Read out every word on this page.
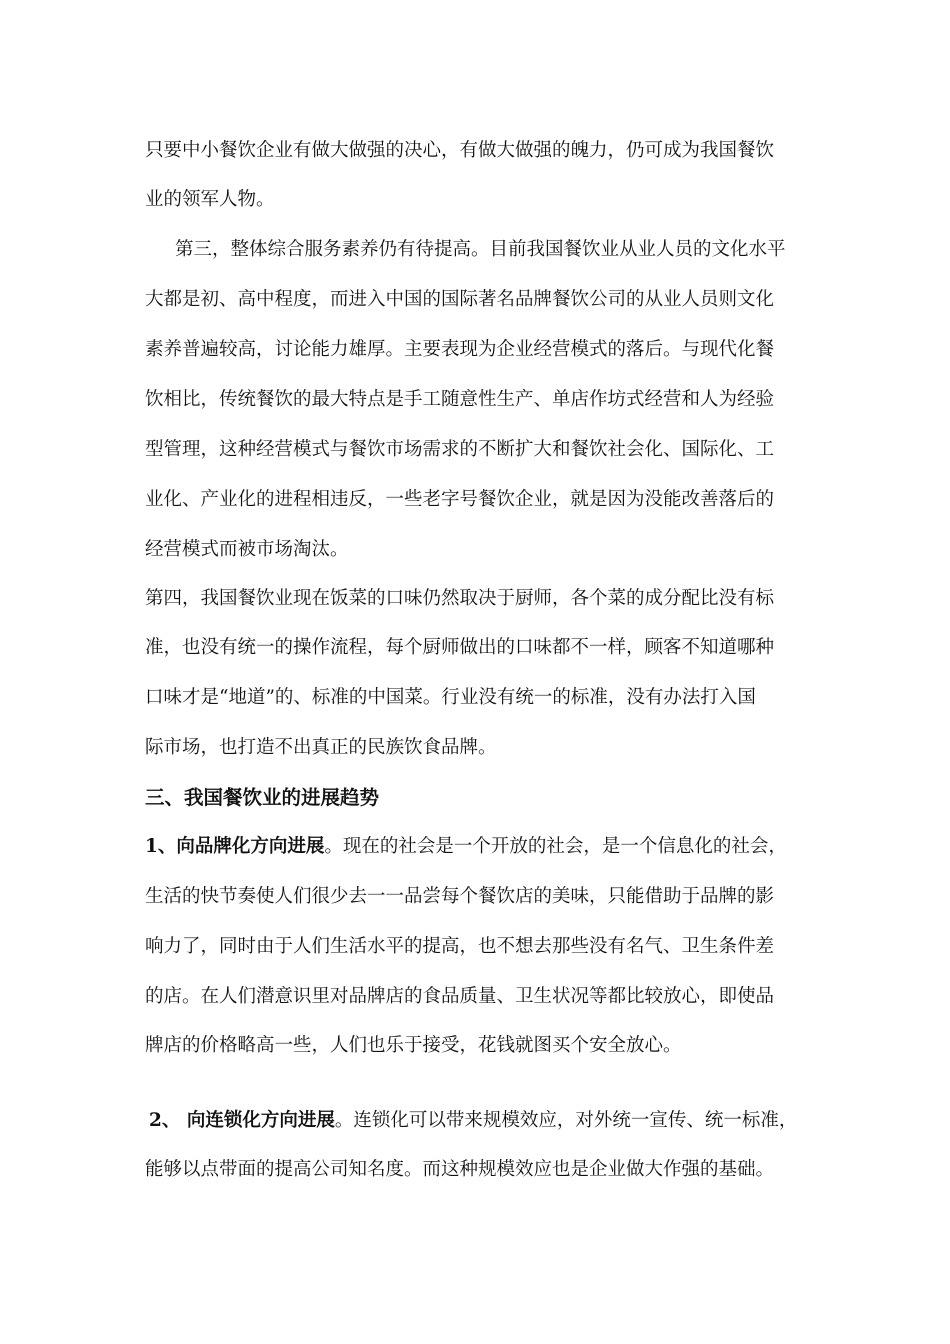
只要中小餐饮企业有做大做强的决心，有做大做强的魄力，仍可成为我国餐饮
业的领军人物。
第三，整体综合服务素养仍有待提高。目前我国餐饮业从业人员的文化水平
大都是初、高中程度，而进入中国的国际著名品牌餐饮公司的从业人员则文化
素养普遍较高，讨论能力雄厚。主要表现为企业经营模式的落后。与现代化餐
饮相比，传统餐饮的最大特点是手工随意性生产、单店作坊式经营和人为经验
型管理，这种经营模式与餐饮市场需求的不断扩大和餐饮社会化、国际化、工
业化、产业化的进程相违反，一些老字号餐饮企业，就是因为没能改善落后的
经营模式而被市场淘汰。
第四，我国餐饮业现在饭菜的口味仍然取决于厨师，各个菜的成分配比没有标
准，也没有统一的操作流程，每个厨师做出的口味都不一样，顾客不知道哪种
口味才是“地道”的、标准的中国菜。行业没有统一的标准，没有办法打入国
际市场，也打造不出真正的民族饮食品牌。
三、我国餐饮业的进展趋势
1、向品牌化方向进展。现在的社会是一个开放的社会，是一个信息化的社会，
生活的快节奏使人们很少去一一品尝每个餐饮店的美味，只能借助于品牌的影
响力了，同时由于人们生活水平的提高，也不想去那些没有名气、卫生条件差
的店。在人们潜意识里对品牌店的食品质量、卫生状况等都比较放心，即使品
牌店的价格略高一些，人们也乐于接受，花钱就图买个安全放心。
2、 向连锁化方向进展。连锁化可以带来规模效应，对外统一宣传、统一标准，
能够以点带面的提高公司知名度。而这种规模效应也是企业做大作强的基础。
